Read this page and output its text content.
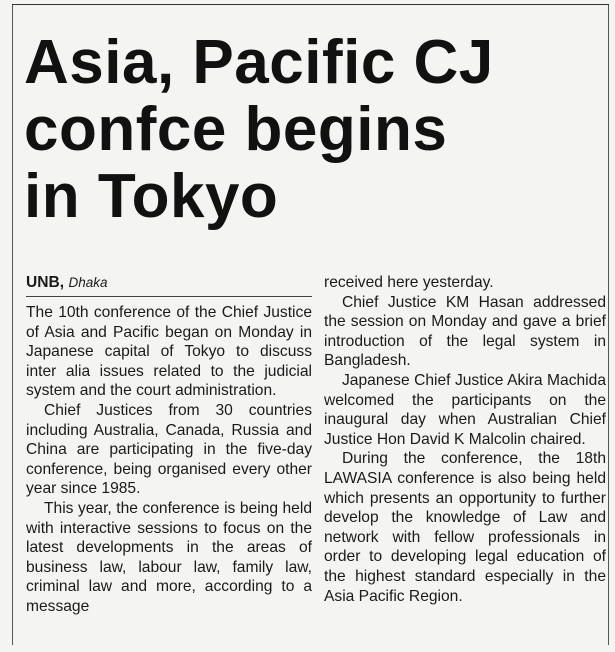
Asia, Pacific CJ
confce begins
in Tokyo
UNB, Dhaka

The 10th conference of the Chief Justice of Asia and Pacific began on Monday in Japanese capital of Tokyo to discuss inter alia issues related to the judicial system and the court administration.

Chief Justices from 30 countries including Australia, Canada, Russia and China are participating in the five-day conference, being organised every other year since 1985.

This year, the conference is being held with interactive sessions to focus on the latest developments in the areas of business law, labour law, family law, criminal law and more, according to a message

received here yesterday.

Chief Justice KM Hasan addressed the session on Monday and gave a brief introduction of the legal system in Bangladesh.

Japanese Chief Justice Akira Machida welcomed the participants on the inaugural day when Australian Chief Justice Hon David K Malcolin chaired.

During the conference, the 18th LAWASIA conference is also being held which presents an opportunity to further develop the knowledge of Law and network with fellow professionals in order to developing legal education of the highest standard especially in the Asia Pacific Region.
